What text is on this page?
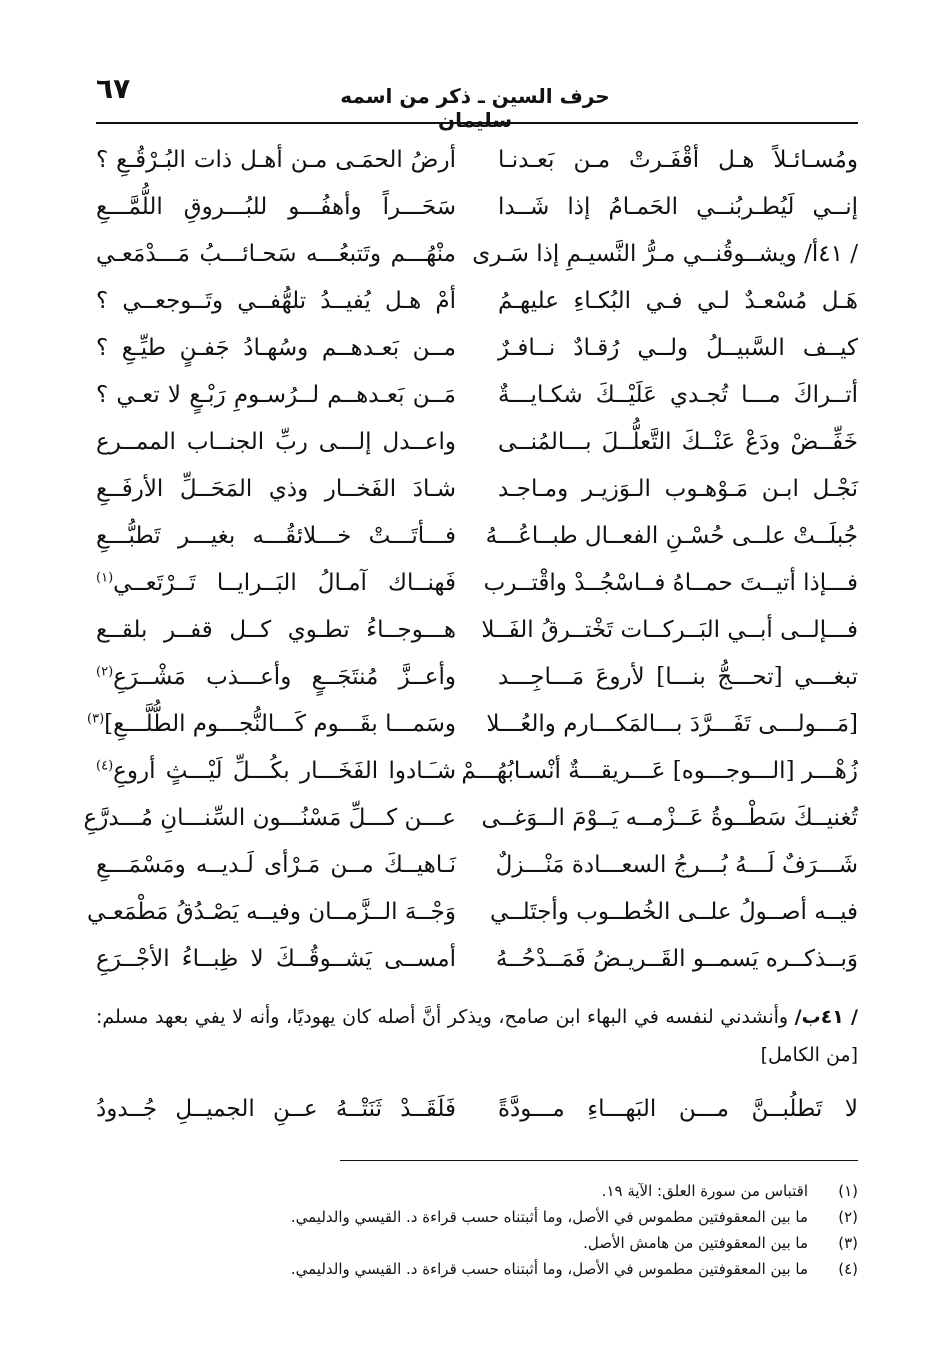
٦٧	حرف السين ـ ذكر من اسمه سليمان
ومُسـائـلاً هـل أقْفَـرتْ مـن بَعـدنـا
أرضُ الحمَـى مـن أهـل ذات البُـرْقُـعِ ؟
إنــي لَيُطـربُنــي الحَمـامُ إذا شَــدا
سَحَـــراً وأهفُـــو للبُـــروقِ اللُّمَّـــعِ
/ ٤١أ/ ويشــوقُنــي مـرُّ النَّسيـمِ إذا سَـرى
منْهُـــم وتَتبعُـــه سَحـائـــبُ مَـــدْمَعـي
هَـل مُسْعـدٌ لـي فـي البُكـاءِ عليهـمُ
أمْ هـل يُفيــدُ تلهُّفــي وتَــوجعــي ؟
كيــف السَّبيــلُ ولــي رُقـادٌ نــافـرٌ
مــن بَعـدهــم وسُهـادُ جَفـنٍ طيِّـعِ ؟
أتــراكَ مـــا تُجـدي عَلَيْــكَ شكـايـــةٌ
مَــن بَعـدهــم لــرُسـومِ رَبْـعٍ لا تعـي ؟
خَفِّــضْ ودَعْ عَنْــكَ التَّعلُّــلَ بـــالمُنــى
واعــدل إلـــى ربِّ الجنــاب الممــرع
نَجْـل ابـن مَـوْهـوب الـوَزيـر ومـاجـد
شـادَ الفَخــار وذي المَحَــلِّ الأرفَــعِ
جُبلَــتْ علــى حُسْـنِ الفعــال طبــاعُـــهُ
فـــأتَـــتْ خـــلائقُـــه بغيـــر تَطبُّـــعِ
فـــإذا أتيــتَ حمــاهُ فــاسْجُــدْ واقْتــرب
فَهنــاك آمـالُ البَــرايــا تَــرْتَعــي$^{(١)}$
فـــإلــى أبــي البَــركــات تَخْتــرقُ الفَــلا
هـــوجــاءُ تطـوي كــل قفــر بلقــع
تبغـــي [تحـــجُّ بنـــا] لأروعَ مَـــاجِـــد
وأعــزَّ مُنتَجَــعٍ وأعـــذب مَشْــرَعِ$^{(٢)}$
[مَـــولـــى تَفَـــرَّدَ بـــالمَكـــارم والعُـــلا
وسَمـــا بقَـــوم كَـــالنُّجـــوم الطُّلَّـــعِ]$^{(٣)}$
زُهْـــر [الـــوجـــوه] عَـــريقـــةٌ أنْسـابُهُـــمْ
شـَـادوا الفَخَـــار بكُـــلِّ لَيْـــثٍ أروعِ$^{(٤)}$
تُغنيــكَ سَطْــوةُ عَــزْمــه يَــوْمَ الــوَغــى
عـــن كـــلِّ مَسْنُـــون السِّنـــانِ مُـــدرَّعِ
شَـــرَفٌ لَـــهُ بُـــرجُ السعـــادة مَنْـــزلٌ
نَـاهيــكَ مــن مَـرْأى لَـديــه ومَسْمَـــعِ
فيــه أصــولُ علــى الخُطــوب وأجتَلــي
وَجْــهَ الــزَّمــان وفيــه يَصْـدُقُ مَطْمَعـي
وَبــذكــره يَسمــو القَــريـضُ فَمَــدْحُــهُ
أمســى يَشــوقُــكَ لا ظِبــاءُ الأجْــرَعِ
/ ٤١ب/ وأنشدني لنفسه في البهاء ابن صامح، ويذكر أنَّ أصله كان يهوديًا، وأنه لا يفي بعهد مسلم: [من الكامل]
لا تَطلُبــنَّ مـــن البَهـــاءِ مـــودَّةً
فَلَقَــدْ ثَنَتْــهُ عــنِ الجميــلِ جُــدودُ
(١)
اقتباس من سورة العلق: الآية ١٩.
(٢)
ما بين المعقوفتين مطموس في الأصل، وما أثبتناه حسب قراءة د. القيسي والدليمي.
(٣)
ما بين المعقوفتين من هامش الأصل.
(٤)
ما بين المعقوفتين مطموس في الأصل، وما أثبتناه حسب قراءة د. القيسي والدليمي.
